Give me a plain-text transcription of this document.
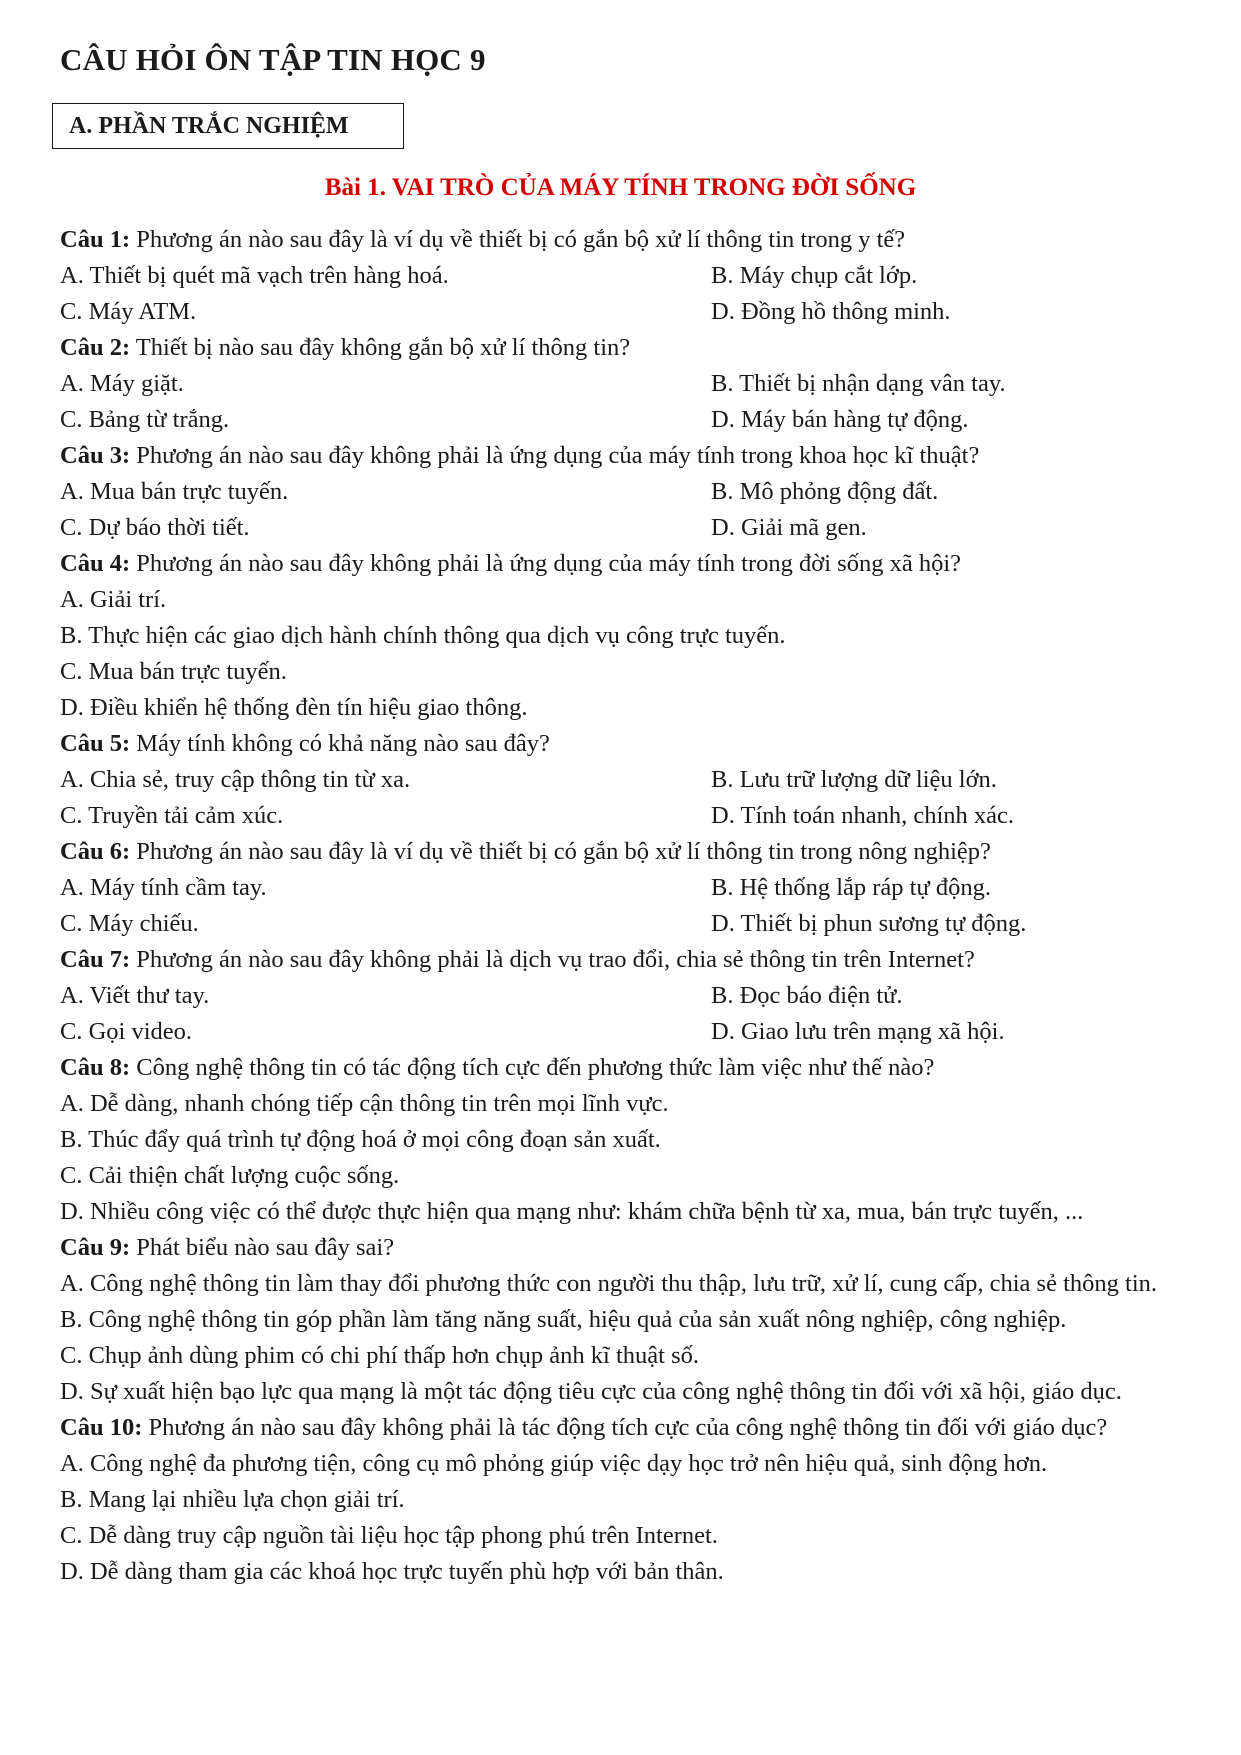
CÂU HỎI ÔN TẬP TIN HỌC 9
A. PHẦN TRẮC NGHIỆM
Bài 1. VAI TRÒ CỦA MÁY TÍNH TRONG ĐỜI SỐNG
Câu 1: Phương án nào sau đây là ví dụ về thiết bị có gắn bộ xử lí thông tin trong y tế?
A. Thiết bị quét mã vạch trên hàng hoá.	B. Máy chụp cắt lớp.
C. Máy ATM.	D. Đồng hồ thông minh.
Câu 2: Thiết bị nào sau đây không gắn bộ xử lí thông tin?
A. Máy giặt.	B. Thiết bị nhận dạng vân tay.
C. Bảng từ trắng.	D. Máy bán hàng tự động.
Câu 3: Phương án nào sau đây không phải là ứng dụng của máy tính trong khoa học kĩ thuật?
A. Mua bán trực tuyến.	B. Mô phỏng động đất.
C. Dự báo thời tiết.	D. Giải mã gen.
Câu 4: Phương án nào sau đây không phải là ứng dụng của máy tính trong đời sống xã hội?
A. Giải trí.
B. Thực hiện các giao dịch hành chính thông qua dịch vụ công trực tuyến.
C. Mua bán trực tuyến.
D. Điều khiển hệ thống đèn tín hiệu giao thông.
Câu 5: Máy tính không có khả năng nào sau đây?
A. Chia sẻ, truy cập thông tin từ xa.	B. Lưu trữ lượng dữ liệu lớn.
C. Truyền tải cảm xúc.	D. Tính toán nhanh, chính xác.
Câu 6: Phương án nào sau đây là ví dụ về thiết bị có gắn bộ xử lí thông tin trong nông nghiệp?
A. Máy tính cầm tay.	B. Hệ thống lắp ráp tự động.
C. Máy chiếu.	D. Thiết bị phun sương tự động.
Câu 7: Phương án nào sau đây không phải là dịch vụ trao đổi, chia sẻ thông tin trên Internet?
A. Viết thư tay.	B. Đọc báo điện tử.
C. Gọi video.	D. Giao lưu trên mạng xã hội.
Câu 8: Công nghệ thông tin có tác động tích cực đến phương thức làm việc như thế nào?
A. Dễ dàng, nhanh chóng tiếp cận thông tin trên mọi lĩnh vực.
B. Thúc đẩy quá trình tự động hoá ở mọi công đoạn sản xuất.
C. Cải thiện chất lượng cuộc sống.
D. Nhiều công việc có thể được thực hiện qua mạng như: khám chữa bệnh từ xa, mua, bán trực tuyến, ...
Câu 9: Phát biểu nào sau đây sai?
A. Công nghệ thông tin làm thay đổi phương thức con người thu thập, lưu trữ, xử lí, cung cấp, chia sẻ thông tin.
B. Công nghệ thông tin góp phần làm tăng năng suất, hiệu quả của sản xuất nông nghiệp, công nghiệp.
C. Chụp ảnh dùng phim có chi phí thấp hơn chụp ảnh kĩ thuật số.
D. Sự xuất hiện bạo lực qua mạng là một tác động tiêu cực của công nghệ thông tin đối với xã hội, giáo dục.
Câu 10: Phương án nào sau đây không phải là tác động tích cực của công nghệ thông tin đối với giáo dục?
A. Công nghệ đa phương tiện, công cụ mô phỏng giúp việc dạy học trở nên hiệu quả, sinh động hơn.
B. Mang lại nhiều lựa chọn giải trí.
C. Dễ dàng truy cập nguồn tài liệu học tập phong phú trên Internet.
D. Dễ dàng tham gia các khoá học trực tuyến phù hợp với bản thân.
